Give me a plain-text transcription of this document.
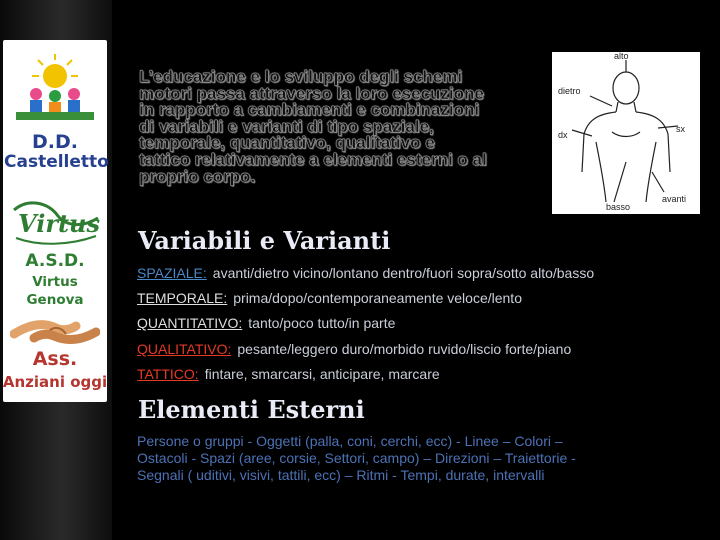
D.D.
Castelletto
Virtus
A.S.D.
Virtus Genova
Ass.
Anziani oggi
L’educazione e lo sviluppo degli schemi
motori passa attraverso la loro esecuzione
in rapporto a cambiamenti e combinazioni
di variabili e varianti di tipo spaziale,
temporale, quantitativo, qualitativo e
tattico relativamente a elementi esterni o al
proprio corpo.
alto
dietro
dx
sx
basso
avanti
Variabili e Varianti
SPAZIALE: avanti/dietro vicino/lontano dentro/fuori sopra/sotto alto/basso
TEMPORALE: prima/dopo/contemporaneamente veloce/lento
QUANTITATIVO: tanto/poco tutto/in parte
QUALITATIVO: pesante/leggero duro/morbido ruvido/liscio forte/piano
TATTICO: fintare, smarcarsi, anticipare, marcare
Elementi Esterni
Persone o gruppi - Oggetti (palla, coni, cerchi, ecc) - Linee – Colori –
Ostacoli - Spazi (aree, corsie, Settori, campo) – Direzioni – Traiettorie -
Segnali ( uditivi, visivi, tattili, ecc) – Ritmi - Tempi, durate, intervalli
